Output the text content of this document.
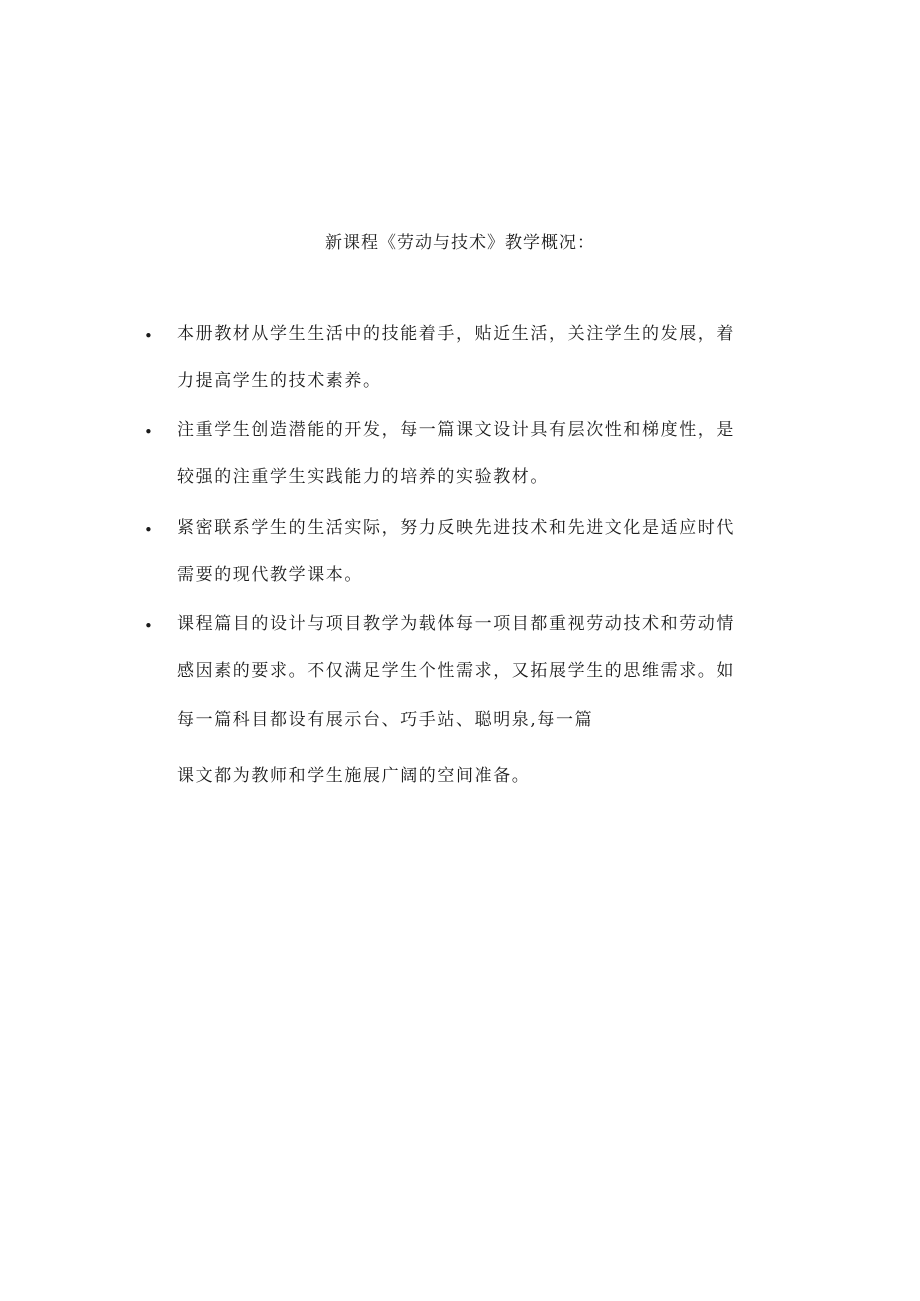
新课程《劳动与技术》教学概况：
• 本册教材从学生生活中的技能着手，贴近生活，关注学生的发展，着
力提高学生的技术素养。
• 注重学生创造潜能的开发，每一篇课文设计具有层次性和梯度性，是
较强的注重学生实践能力的培养的实验教材。
• 紧密联系学生的生活实际，努力反映先进技术和先进文化是适应时代
需要的现代教学课本。
• 课程篇目的设计与项目教学为载体每一项目都重视劳动技术和劳动情
感因素的要求。不仅满足学生个性需求，又拓展学生的思维需求。如
每一篇科目都设有展示台、巧手站、聪明泉,每一篇
课文都为教师和学生施展广阔的空间准备。
